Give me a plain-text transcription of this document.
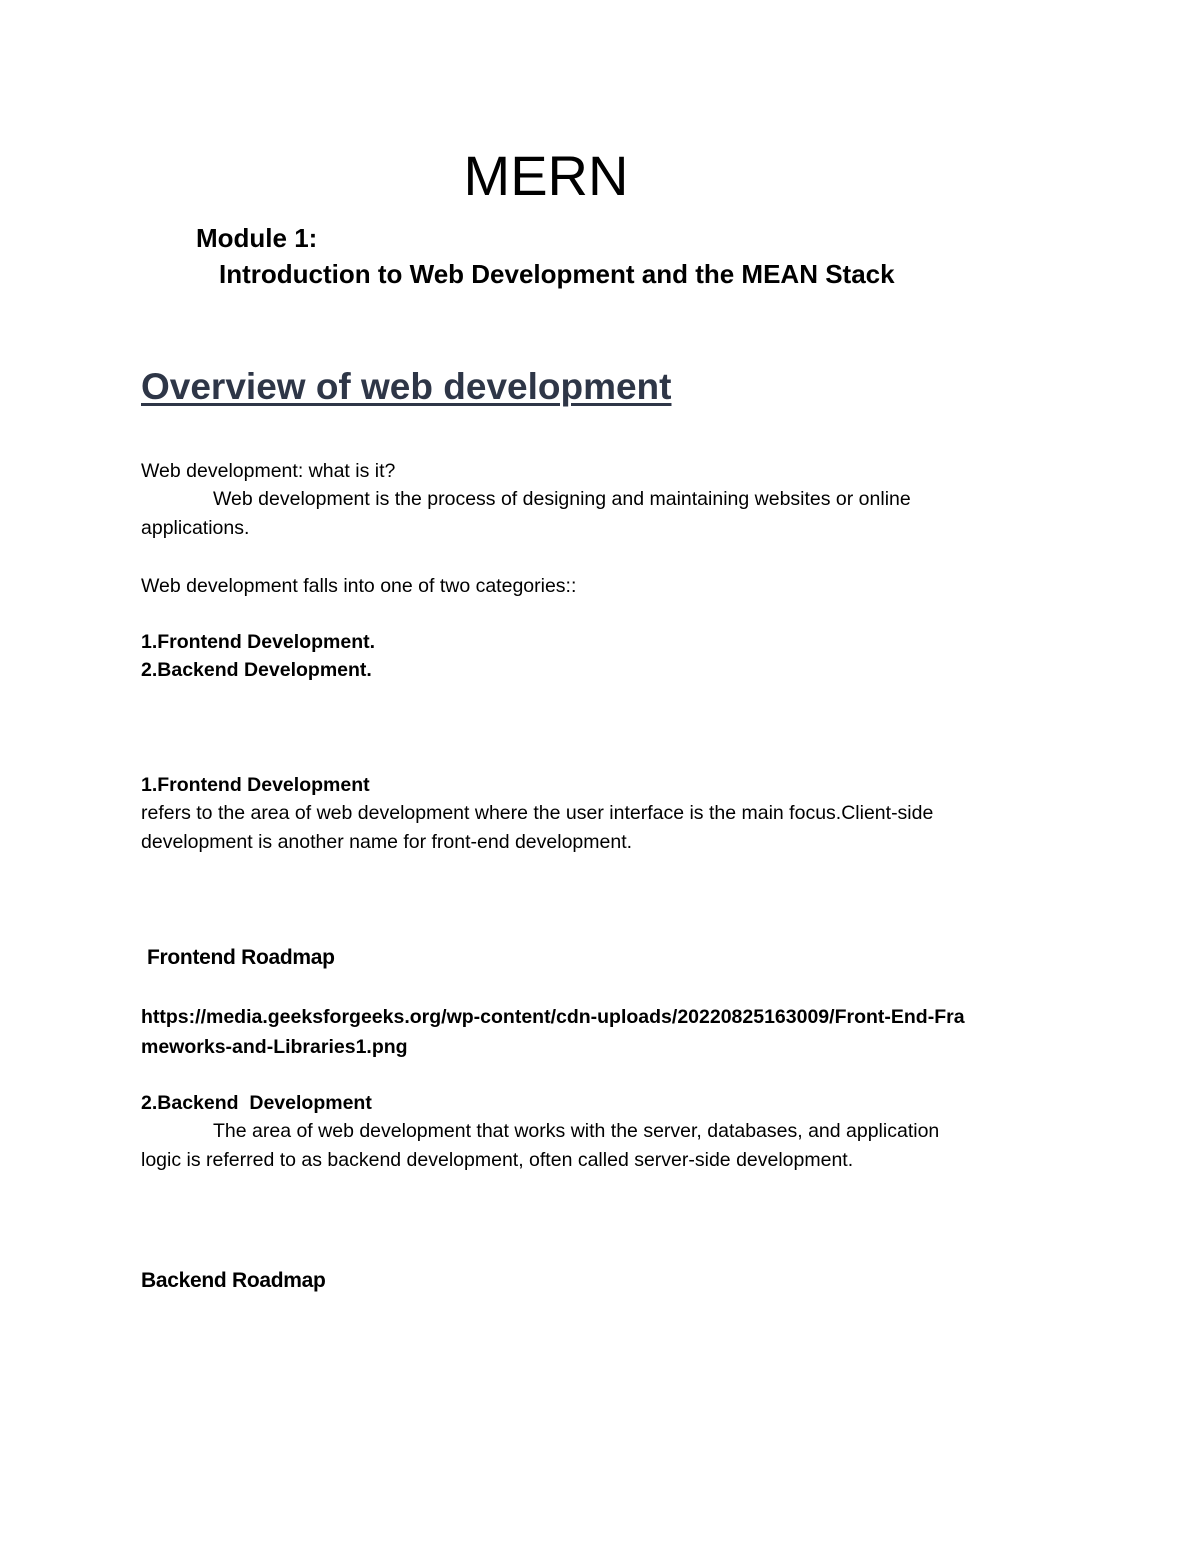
MERN
Module 1:
Introduction to Web Development and the MEAN Stack
Overview of web development
Web development: what is it?
Web development is the process of designing and maintaining websites or online
applications.
Web development falls into one of two categories::
1.Frontend Development.
2.Backend Development.
1.Frontend Development
refers to the area of web development where the user interface is the main focus.Client-side
development is another name for front-end development.
Frontend Roadmap
https://media.geeksforgeeks.org/wp-content/cdn-uploads/20220825163009/Front-End-Fra
meworks-and-Libraries1.png
2.Backend  Development
The area of web development that works with the server, databases, and application
logic is referred to as backend development, often called server-side development.
Backend Roadmap
